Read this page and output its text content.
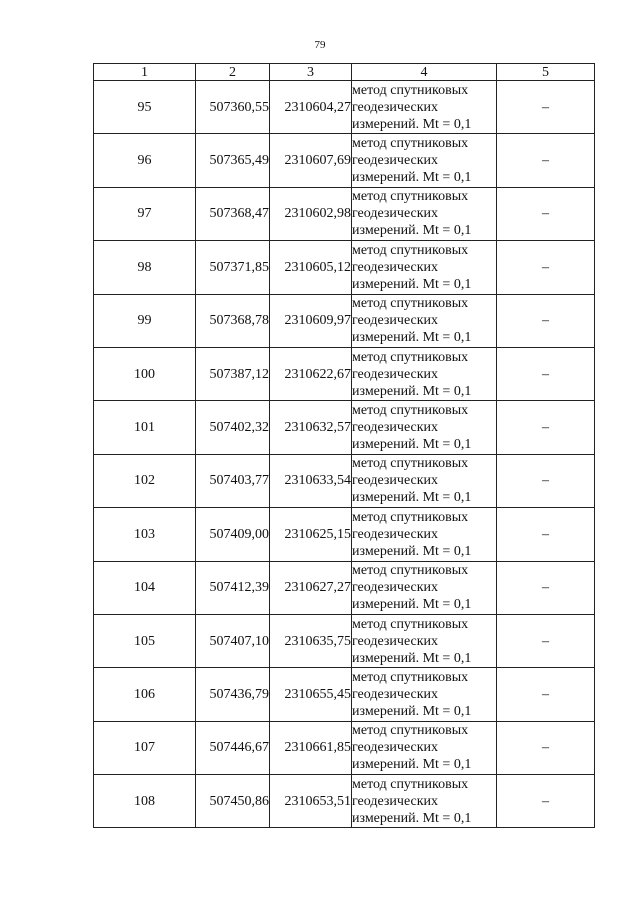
79
1	2	3	4	5
95	507360,55	2310604,27	метод спутниковых
геодезических
измерений. Mt = 0,1	–
96	507365,49	2310607,69	метод спутниковых
геодезических
измерений. Mt = 0,1	–
97	507368,47	2310602,98	метод спутниковых
геодезических
измерений. Mt = 0,1	–
98	507371,85	2310605,12	метод спутниковых
геодезических
измерений. Mt = 0,1	–
99	507368,78	2310609,97	метод спутниковых
геодезических
измерений. Mt = 0,1	–
100	507387,12	2310622,67	метод спутниковых
геодезических
измерений. Mt = 0,1	–
101	507402,32	2310632,57	метод спутниковых
геодезических
измерений. Mt = 0,1	–
102	507403,77	2310633,54	метод спутниковых
геодезических
измерений. Mt = 0,1	–
103	507409,00	2310625,15	метод спутниковых
геодезических
измерений. Mt = 0,1	–
104	507412,39	2310627,27	метод спутниковых
геодезических
измерений. Mt = 0,1	–
105	507407,10	2310635,75	метод спутниковых
геодезических
измерений. Mt = 0,1	–
106	507436,79	2310655,45	метод спутниковых
геодезических
измерений. Mt = 0,1	–
107	507446,67	2310661,85	метод спутниковых
геодезических
измерений. Mt = 0,1	–
108	507450,86	2310653,51	метод спутниковых
геодезических
измерений. Mt = 0,1	–
